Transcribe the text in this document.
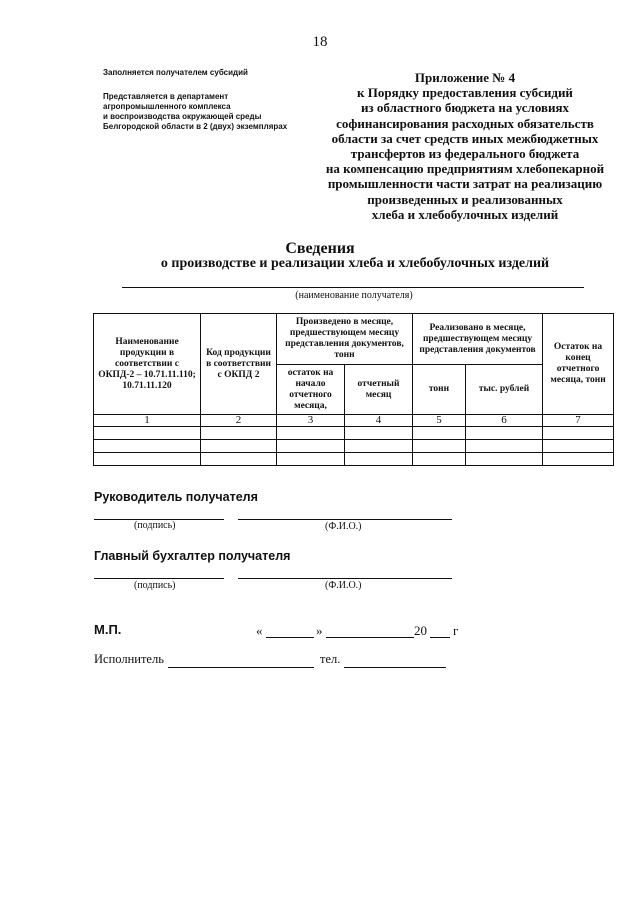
18
Заполняется получателем субсидий
Представляется в департамент
агропромышленного комплекса
и воспроизводства окружающей среды
Белгородской области в 2 (двух) экземплярах
Приложение № 4
к Порядку предоставления субсидий
из областного бюджета на условиях
софинансирования расходных обязательств
области за счет средств иных межбюджетных
трансфертов из федерального бюджета
на компенсацию предприятиям хлебопекарной
промышленности части затрат на реализацию
произведенных и реализованных
хлеба и хлебобулочных изделий
Сведения
о производстве и реализации хлеба и хлебобулочных изделий
(наименование получателя)
Наименование продукции в соответствии с ОКПД-2 – 10.71.11.110; 10.71.11.120	Код продукции в соответствии с ОКПД 2	Произведено в месяце, предшествующем месяцу представления документов, тонн		Реализовано в месяце, предшествующем месяцу представления документов		Остаток на конец отчетного месяца, тонн
		остаток на начало отчетного месяца,	отчетный месяц	тонн	тыс. рублей	
1	2	3	4	5	6	7

Руководитель получателя
(подпись)	(Ф.И.О.)
Главный бухгалтер получателя
(подпись)	(Ф.И.О.)
М.П.	«	»	20 г
Исполнитель	тел.
